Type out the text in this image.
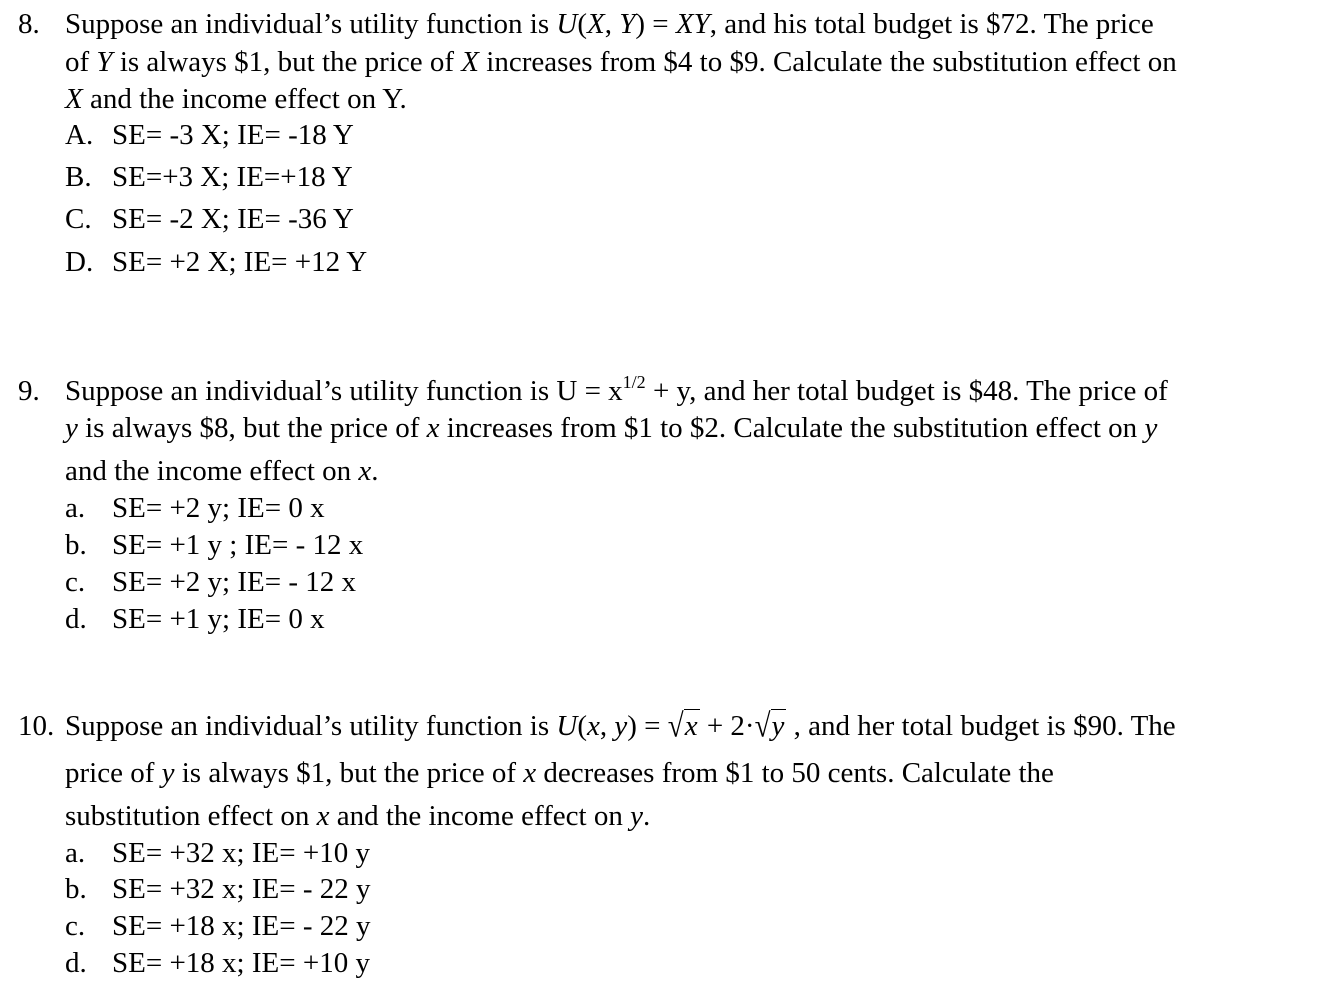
8. Suppose an individual’s utility function is U(X, Y) = XY, and his total budget is $72. The price
of Y is always $1, but the price of X increases from $4 to $9. Calculate the substitution effect on
X and the income effect on Y.
A. SE= -3 X; IE= -18 Y
B. SE=+3 X; IE=+18 Y
C. SE= -2 X; IE= -36 Y
D. SE= +2 X; IE= +12 Y
9. Suppose an individual’s utility function is $U = x^{1/2} + y$, and her total budget is $48. The price of
y is always $8, but the price of x increases from $1 to $2. Calculate the substitution effect on y
and the income effect on x.
a. SE= +2 y; IE= 0 x
b. SE= +1 y ; IE= - 12 x
c. SE= +2 y; IE= - 12 x
d. SE= +1 y; IE= 0 x
10. Suppose an individual’s utility function is U(x, y) = √x + 2·√y , and her total budget is $90. The
price of y is always $1, but the price of x decreases from $1 to 50 cents. Calculate the
substitution effect on x and the income effect on y.
a. SE= +32 x; IE= +10 y
b. SE= +32 x; IE= - 22 y
c. SE= +18 x; IE= - 22 y
d. SE= +18 x; IE= +10 y
